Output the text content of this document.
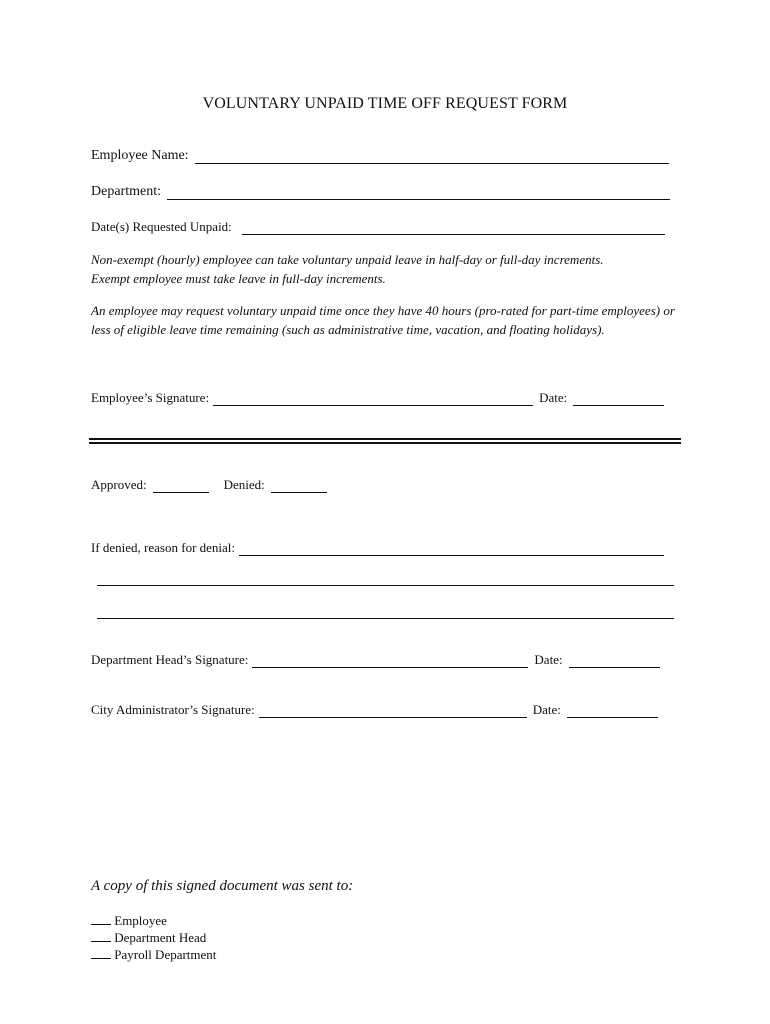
VOLUNTARY UNPAID TIME OFF REQUEST FORM
Employee Name:
Department:
Date(s) Requested Unpaid:
Non-exempt (hourly) employee can take voluntary unpaid leave in half-day or full-day increments.
Exempt employee must take leave in full-day increments.
An employee may request voluntary unpaid time once they have 40 hours (pro-rated for part-time employees) or less of eligible leave time remaining (such as administrative time, vacation, and floating holidays).
Employee’s Signature:	Date:
Approved:	Denied:
If denied, reason for denial:
Department Head’s Signature:	Date:
City Administrator’s Signature:	Date:
A copy of this signed document was sent to:
Employee
Department Head
Payroll Department
